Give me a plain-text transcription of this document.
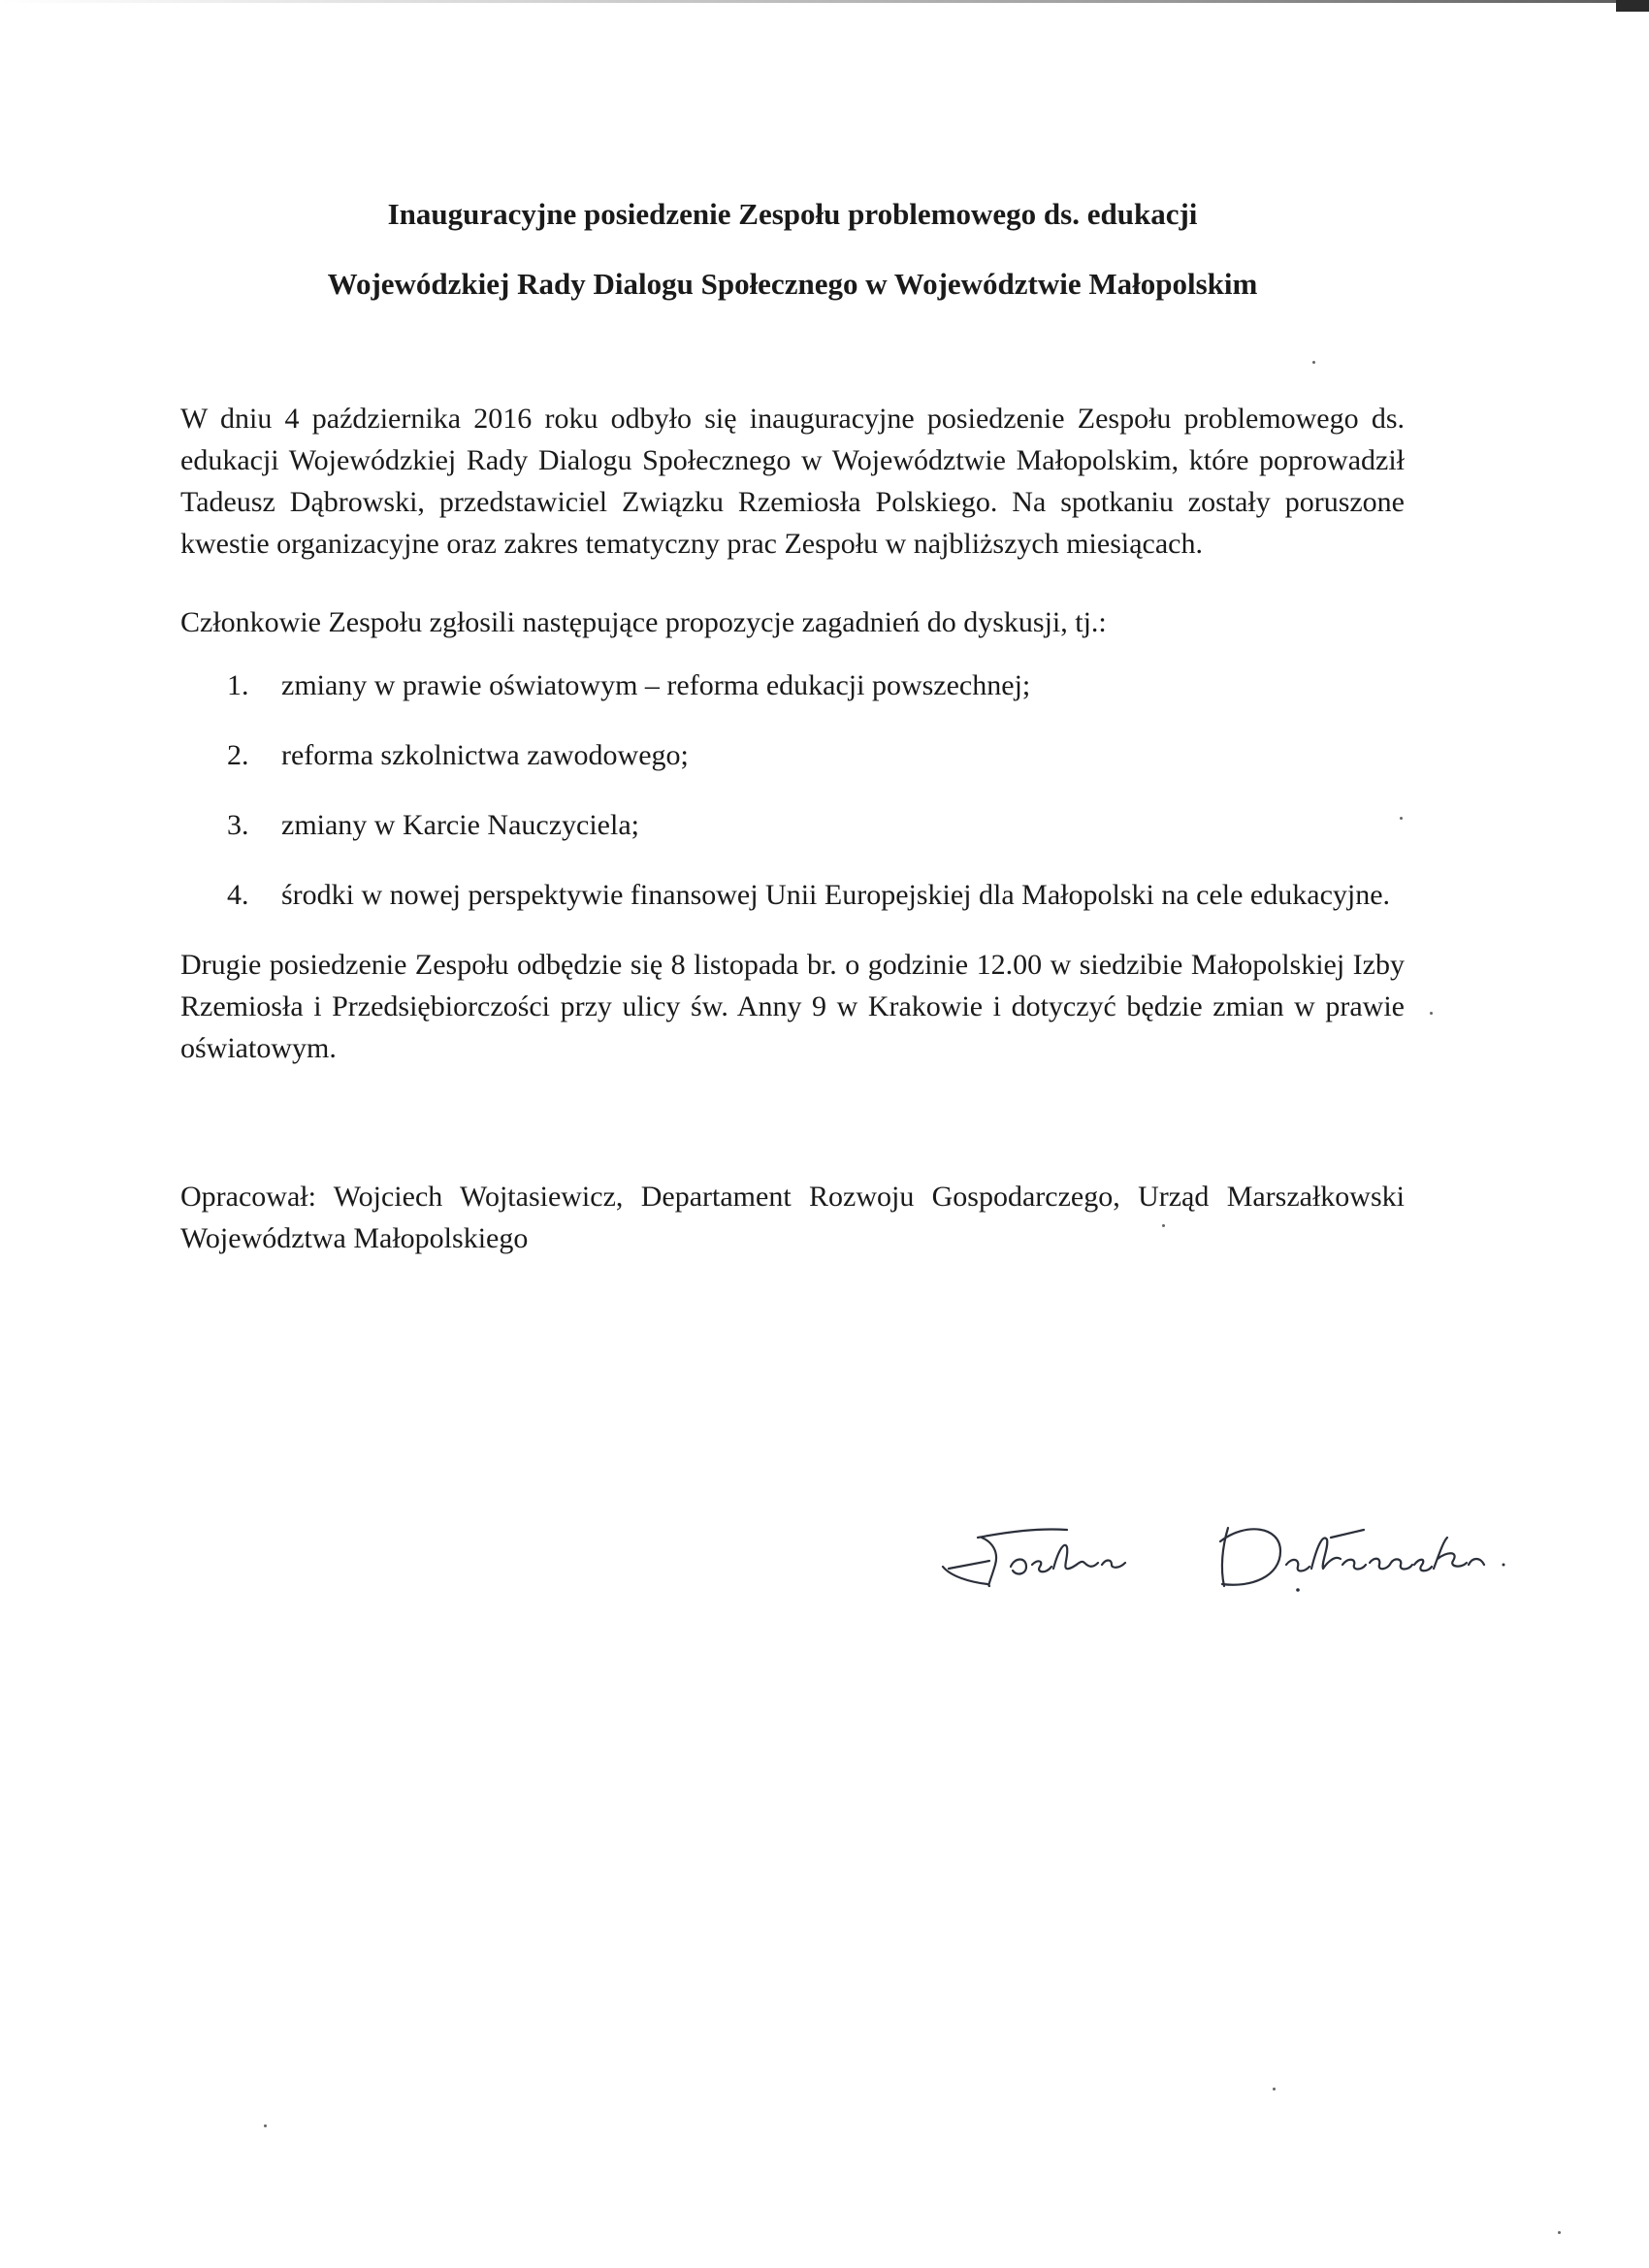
Inauguracyjne posiedzenie Zespołu problemowego ds. edukacji
Wojewódzkiej Rady Dialogu Społecznego w Województwie Małopolskim

W dniu 4 października 2016 roku odbyło się inauguracyjne posiedzenie Zespołu problemowego ds. edukacji Wojewódzkiej Rady Dialogu Społecznego w Województwie Małopolskim, które poprowadził Tadeusz Dąbrowski, przedstawiciel Związku Rzemiosła Polskiego. Na spotkaniu zostały poruszone kwestie organizacyjne oraz zakres tematyczny prac Zespołu w najbliższych miesiącach.

Członkowie Zespołu zgłosili następujące propozycje zagadnień do dyskusji, tj.:

1.	zmiany w prawie oświatowym – reforma edukacji powszechnej;
2.	reforma szkolnictwa zawodowego;
3.	zmiany w Karcie Nauczyciela;
4.	środki w nowej perspektywie finansowej Unii Europejskiej dla Małopolski na cele edukacyjne.

Drugie posiedzenie Zespołu odbędzie się 8 listopada br. o godzinie 12.00 w siedzibie Małopolskiej Izby Rzemiosła i Przedsiębiorczości przy ulicy św. Anny 9 w Krakowie i dotyczyć będzie zmian w prawie oświatowym.

Opracował: Wojciech Wojtasiewicz, Departament Rozwoju Gospodarczego, Urząd Marszałkowski Województwa Małopolskiego
